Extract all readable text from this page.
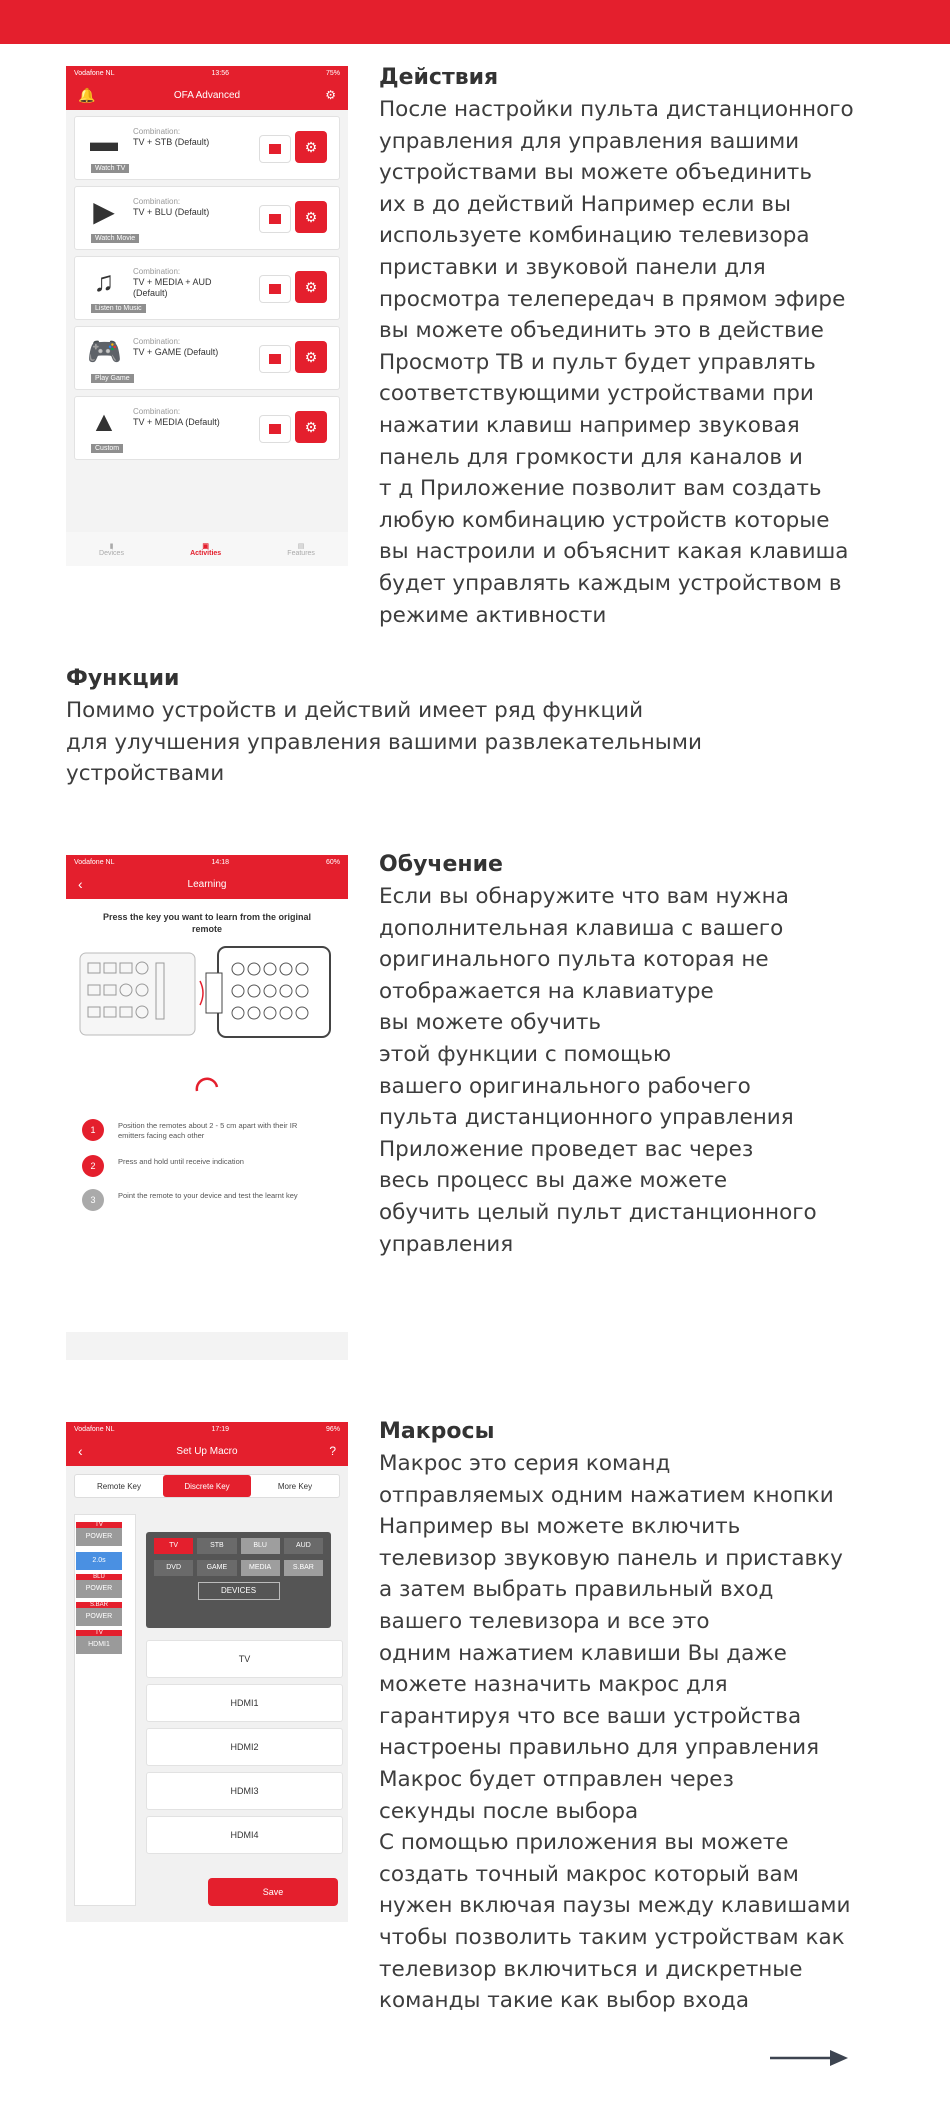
Vodafone NL	13:56	75%
🔔	OFA Advanced	⚙
▬	Combination:
TV + STB (Default)
Watch TV
⚙
▶	Combination:
TV + BLU (Default)
Watch Movie
⚙
♫	Combination:
TV + MEDIA + AUD (Default)
Listen to Music
⚙
🎮 Combination:
TV + GAME (Default)
Play Game
⚙
▲	Combination:
TV + MEDIA (Default)
Custom
⚙
▮
Devices
▣
Activities
▤
Features
Действия

После настройки пульта дистанционного
управления для управления вашими
устройствами вы можете объединить
их в до действий Например если вы
используете комбинацию телевизора
приставки и звуковой панели для
просмотра телепередач в прямом эфире
вы можете объединить это в действие
Просмотр ТВ и пульт будет управлять
соответствующими устройствами при
нажатии клавиш например звуковая
панель для громкости для каналов и
т д Приложение позволит вам создать
любую комбинацию устройств которые
вы настроили и объяснит какая клавиша
будет управлять каждым устройством в
режиме активности

Функции

Помимо устройств и действий имеет ряд функций
для улучшения управления вашими развлекательными
устройствами

Vodafone NL	14:18	60%
‹	Learning
Press the key you want to learn from the original remote
1	Position the remotes about 2 - 5 cm apart with their IR emitters facing each other
2	Press and hold until receive indication
3	Point the remote to your device and test the learnt key
Обучение

Если вы обнаружите что вам нужна
дополнительная клавиша с вашего
оригинального пульта которая не
отображается на клавиатуре
вы можете обучить
этой функции с помощью
вашего оригинального рабочего
пульта дистанционного управления
Приложение проведет вас через
весь процесс вы даже можете
обучить целый пульт дистанционного
управления

Vodafone NL	17:19	96%
‹	Set Up Macro	?
Remote Key	Discrete Key	More Key
TV
POWER
2.0s
BLU
POWER
S.BAR
POWER
TV
HDMI1
TV	STB	BLU	AUD
DVD	GAME	MEDIA	S.BAR
DEVICES
TV
HDMI1
HDMI2
HDMI3
HDMI4
Save
Макросы

Макрос это серия команд
отправляемых одним нажатием кнопки
Например вы можете включить
телевизор звуковую панель и приставку
а затем выбрать правильный вход
вашего телевизора и все это
одним нажатием клавиши Вы даже
можете назначить макрос для
гарантируя что все ваши устройства
настроены правильно для управления
Макрос будет отправлен через
секунды после выбора
С помощью приложения вы можете
создать точный макрос который вам
нужен включая паузы между клавишами
чтобы позволить таким устройствам как
телевизор включиться и дискретные
команды такие как выбор входа
